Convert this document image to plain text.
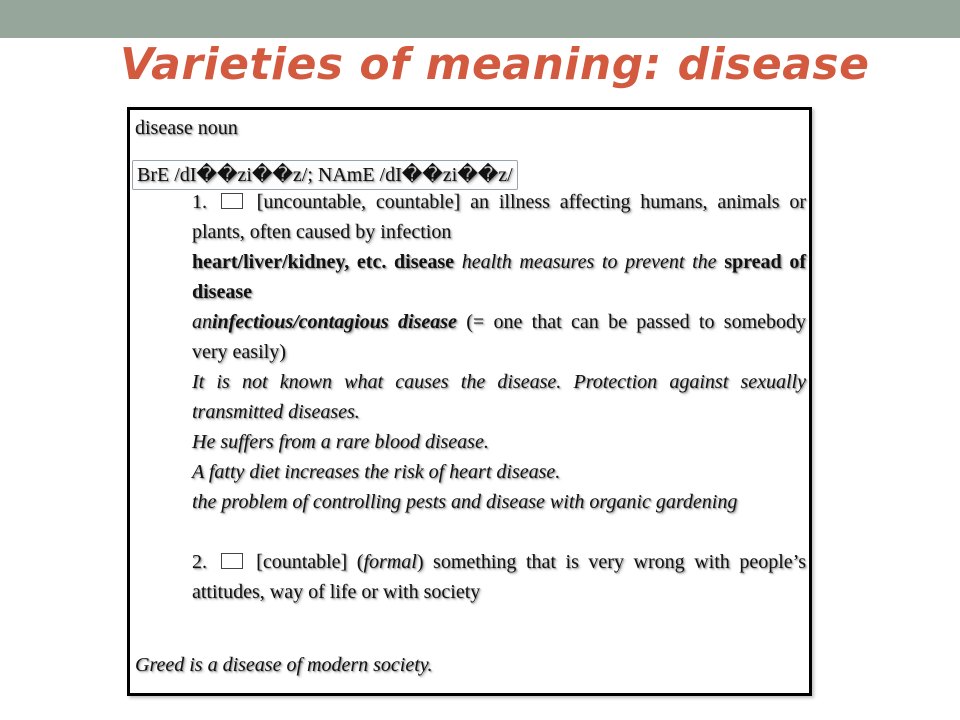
Varieties of meaning: disease

disease noun

BrE /dΙ��zi��z/; NAmE /dΙ��zi��z/

1. [uncountable, countable] an illness affecting humans, animals or plants, often caused by infection

heart/liver/kidney, etc. disease health measures to prevent the spread of disease

aninfectious/contagious disease (= one that can be passed to somebody very easily)

It is not known what causes the disease. Protection against sexually transmitted diseases.

He suffers from a rare blood disease.

A fatty diet increases the risk of heart disease.

the problem of controlling pests and disease with organic gardening

2. [countable] (formal) something that is very wrong with people’s attitudes, way of life or with society

Greed is a disease of modern society.
